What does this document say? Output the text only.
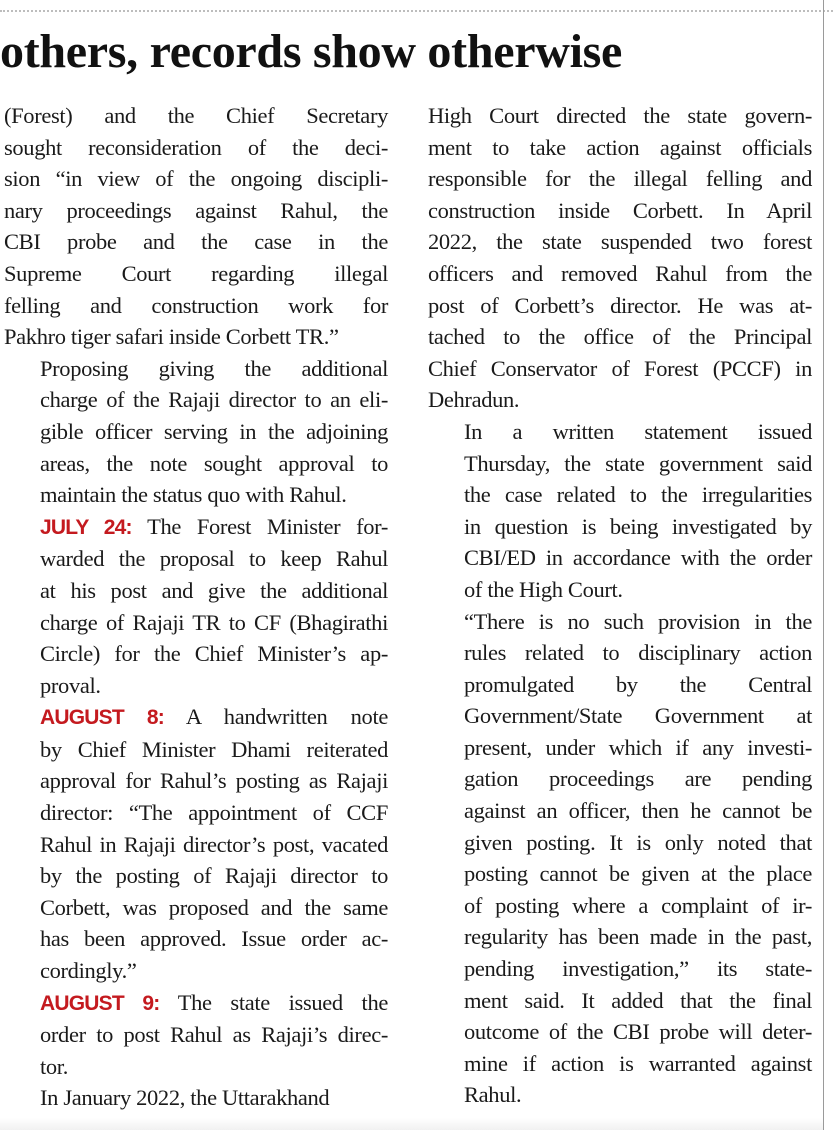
others, records show otherwise

(Forest) and the Chief Secretary
sought reconsideration of the deci-
sion “in view of the ongoing discipli-
nary proceedings against Rahul, the
CBI probe and the case in the
Supreme Court regarding illegal
felling and construction work for
Pakhro tiger safari inside Corbett TR.”

Proposing giving the additional
charge of the Rajaji director to an eli-
gible officer serving in the adjoining
areas, the note sought approval to
maintain the status quo with Rahul.

JULY 24: The Forest Minister for-
warded the proposal to keep Rahul
at his post and give the additional
charge of Rajaji TR to CF (Bhagirathi
Circle) for the Chief Minister’s ap-
proval.

AUGUST 8: A handwritten note
by Chief Minister Dhami reiterated
approval for Rahul’s posting as Rajaji
director: “The appointment of CCF
Rahul in Rajaji director’s post, vacated
by the posting of Rajaji director to
Corbett, was proposed and the same
has been approved. Issue order ac-
cordingly.”

AUGUST 9: The state issued the
order to post Rahul as Rajaji’s direc-
tor.

In January 2022, the Uttarakhand

High Court directed the state govern-
ment to take action against officials
responsible for the illegal felling and
construction inside Corbett. In April
2022, the state suspended two forest
officers and removed Rahul from the
post of Corbett’s director. He was at-
tached to the office of the Principal
Chief Conservator of Forest (PCCF) in
Dehradun.

In a written statement issued
Thursday, the state government said
the case related to the irregularities
in question is being investigated by
CBI/ED in accordance with the order
of the High Court.

“There is no such provision in the
rules related to disciplinary action
promulgated by the Central
Government/State Government at
present, under which if any investi-
gation proceedings are pending
against an officer, then he cannot be
given posting. It is only noted that
posting cannot be given at the place
of posting where a complaint of ir-
regularity has been made in the past,
pending investigation,” its state-
ment said. It added that the final
outcome of the CBI probe will deter-
mine if action is warranted against
Rahul.
